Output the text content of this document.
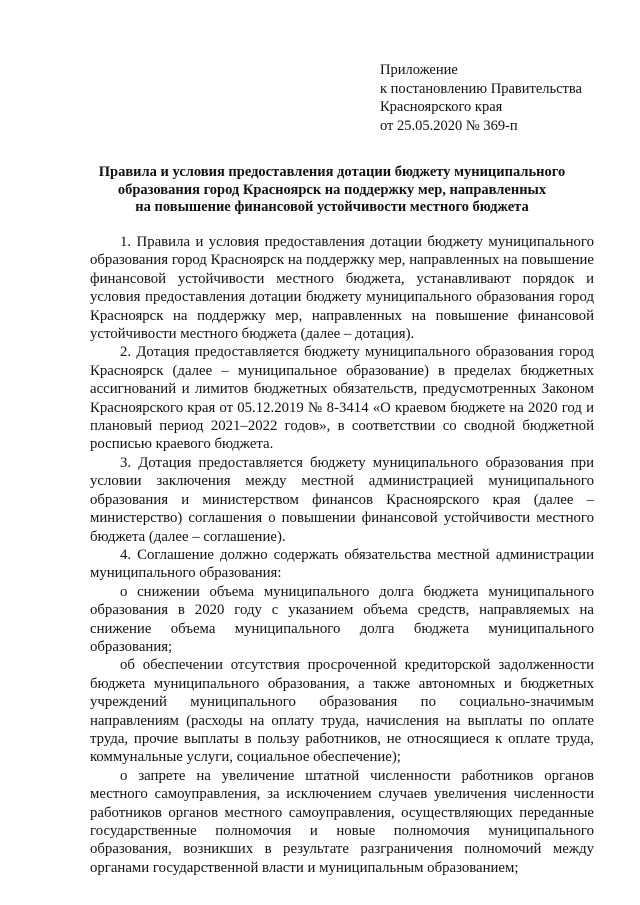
Приложение
к постановлению Правительства
Красноярского края
от 25.05.2020 № 369-п
Правила и условия предоставления дотации бюджету муниципального
образования город Красноярск на поддержку мер, направленных
на повышение финансовой устойчивости местного бюджета

1. Правила и условия предоставления дотации бюджету муниципального образования город Красноярск на поддержку мер, направленных на повышение финансовой устойчивости местного бюджета, устанавливают порядок и условия предоставления дотации бюджету муниципального образования город Красноярск на поддержку мер, направленных на повышение финансовой устойчивости местного бюджета (далее – дотация).

2. Дотация предоставляется бюджету муниципального образования город Красноярск (далее – муниципальное образование) в пределах бюджетных ассигнований и лимитов бюджетных обязательств, предусмотренных Законом Красноярского края от 05.12.2019 № 8-3414 «О краевом бюджете на 2020 год и плановый период 2021–2022 годов», в соответствии со сводной бюджетной росписью краевого бюджета.

3. Дотация предоставляется бюджету муниципального образования при условии заключения между местной администрацией муниципального образования и министерством финансов Красноярского края (далее – министерство) соглашения о повышении финансовой устойчивости местного бюджета (далее – соглашение).

4. Соглашение должно содержать обязательства местной администрации муниципального образования:

о снижении объема муниципального долга бюджета муниципального образования в 2020 году с указанием объема средств, направляемых на снижение объема муниципального долга бюджета муниципального образования;

об обеспечении отсутствия просроченной кредиторской задолженности бюджета муниципального образования, а также автономных и бюджетных учреждений муниципального образования по социально-значимым направлениям (расходы на оплату труда, начисления на выплаты по оплате труда, прочие выплаты в пользу работников, не относящиеся к оплате труда, коммунальные услуги, социальное обеспечение);

о запрете на увеличение штатной численности работников органов местного самоуправления, за исключением случаев увеличения численности работников органов местного самоуправления, осуществляющих переданные государственные полномочия и новые полномочия муниципального образования, возникших в результате разграничения полномочий между органами государственной власти и муниципальным образованием;
